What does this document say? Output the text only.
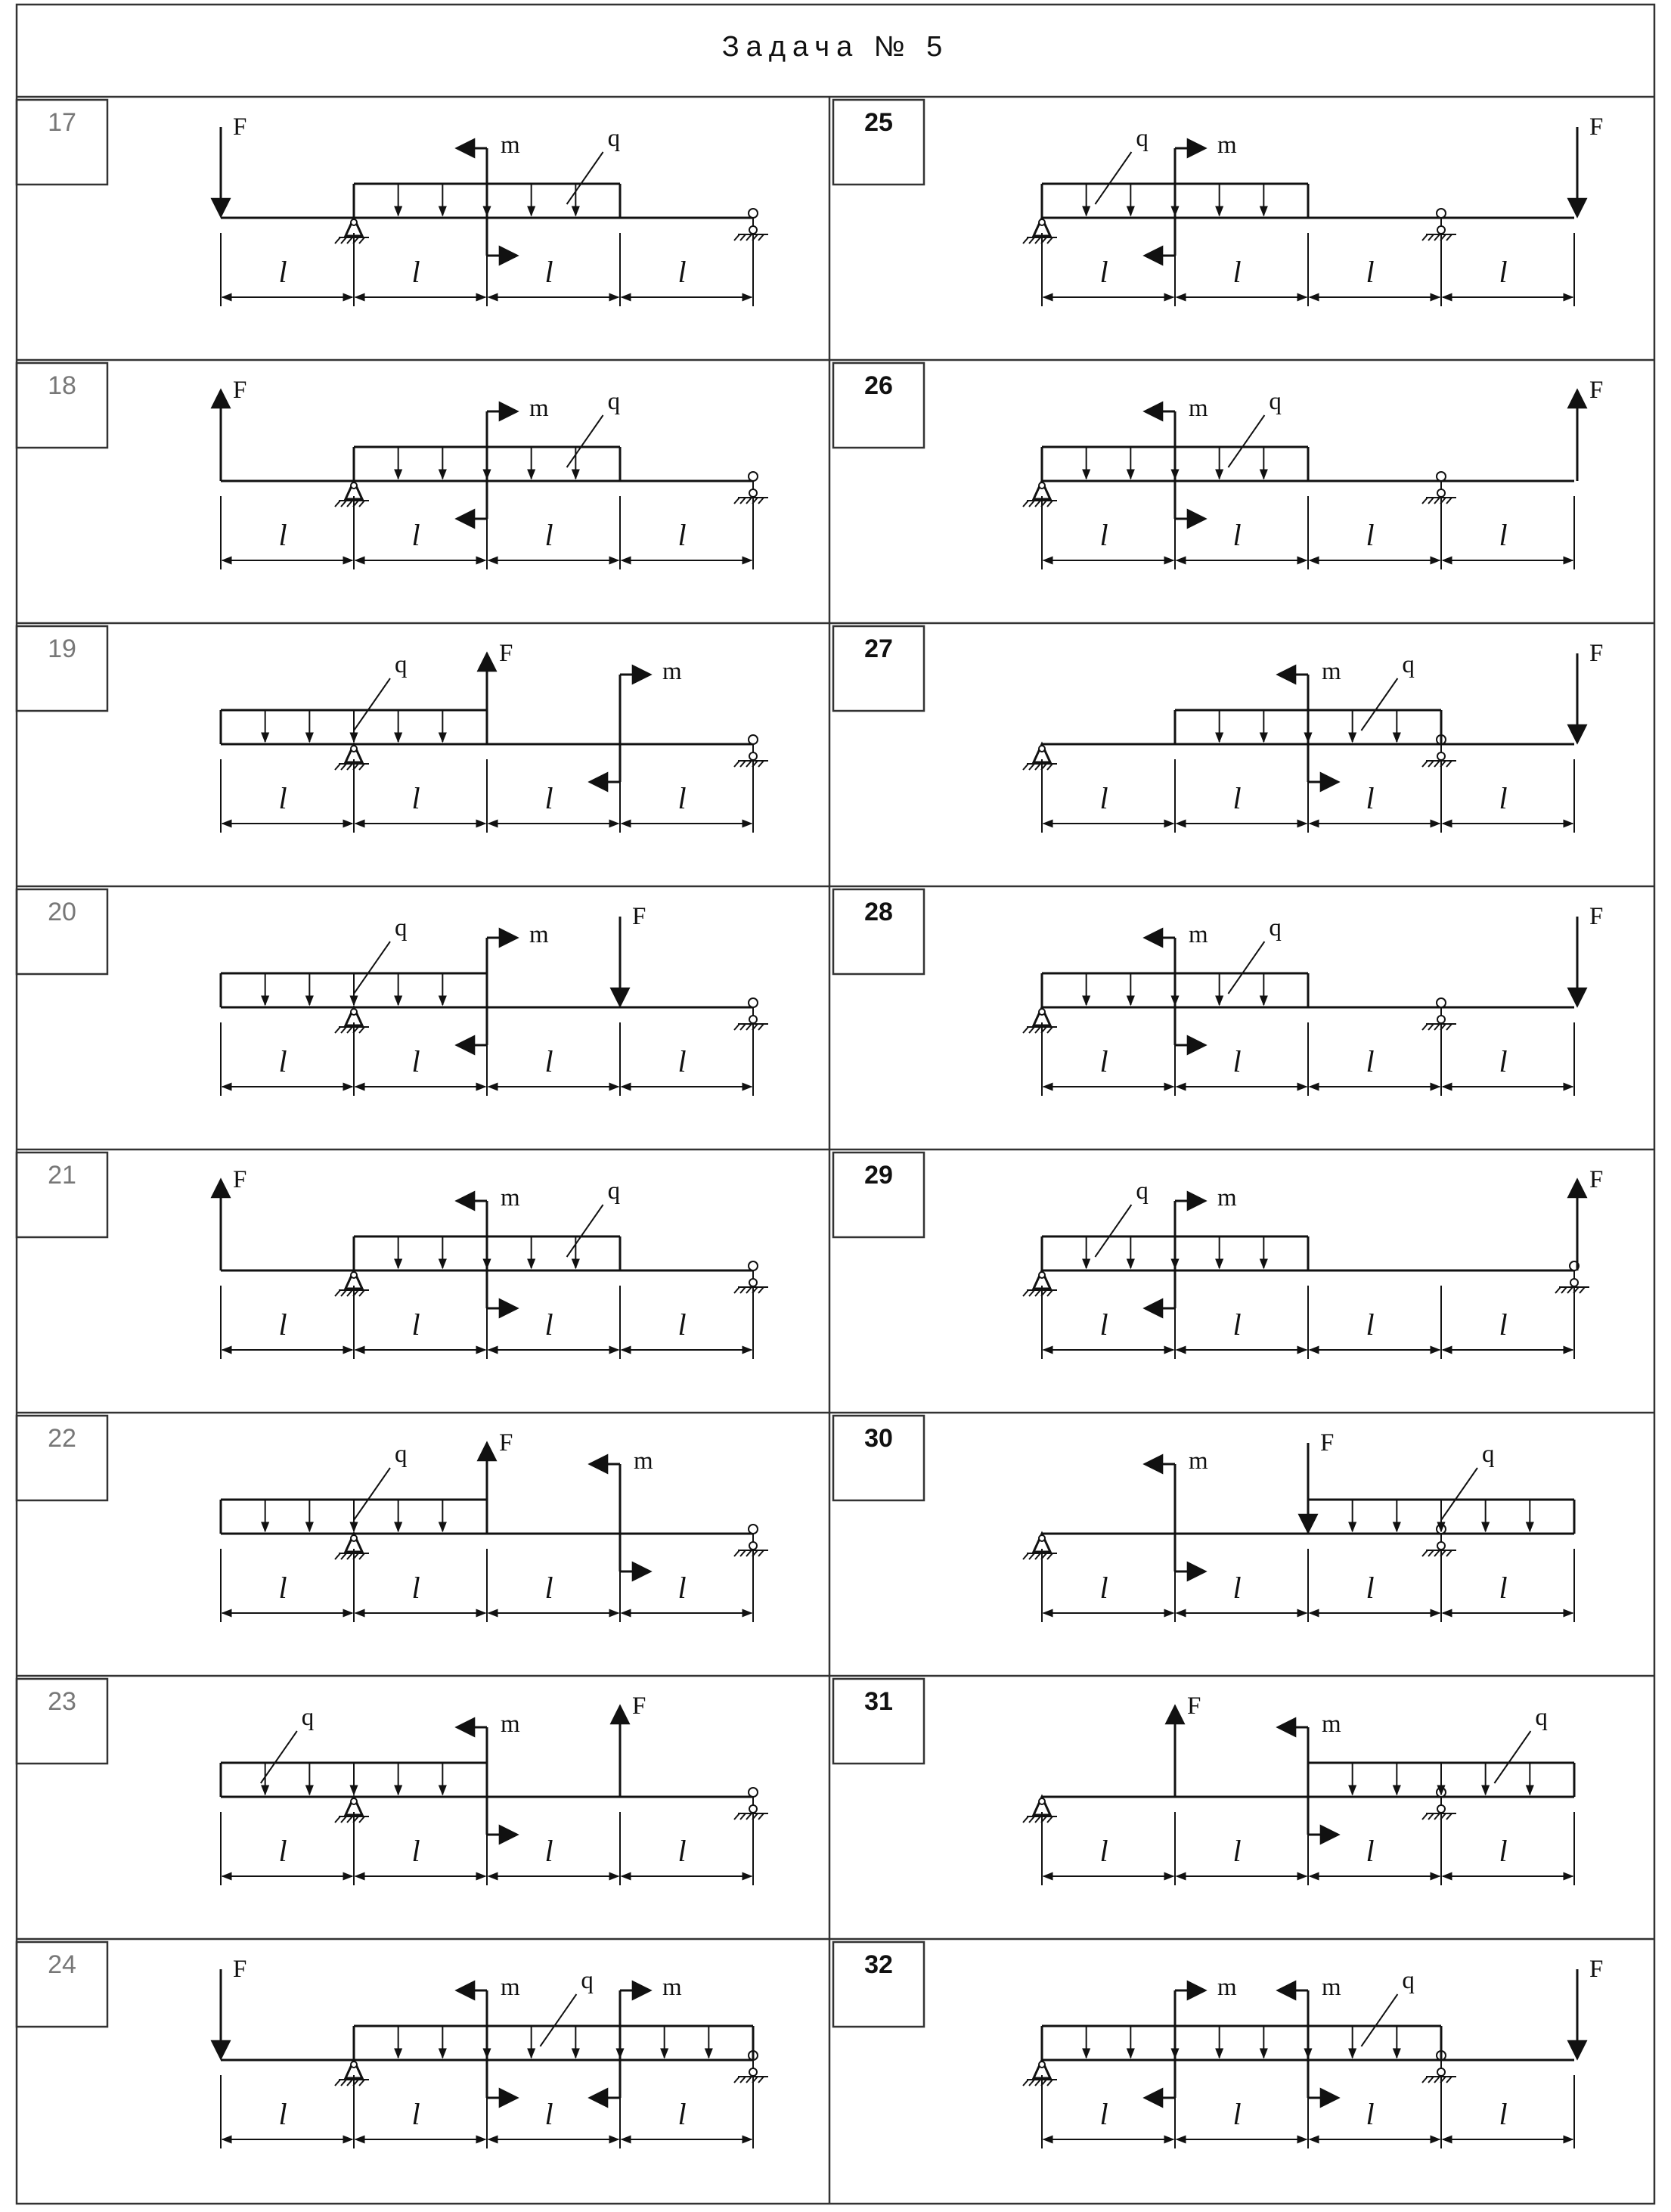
Задача № 5
17
l	l	l	l
F
m	q
18
l	l	l	l
F
m q
19
l	l	l	l
q	F
m
20
l	l	l	l
q	m
F
21
l	l	l	l
F
m	q
22
l	l	l	l
q	F
m
23
l	l	l	l
q	m
F
24
l	l	l	l
F
m q	m
25
l	l	l	l
q	m
F
26
l	l	l	l
q
m
F
27
l	l	l	l
q
m
F
28
l	l	l	l
q
m
F
29
l	l	l	l
q	m
F
30
l	l	l	l
m
F	q
31
l	l	l	l
F
m	q
32
l	l	l	l
q
m	m
F
